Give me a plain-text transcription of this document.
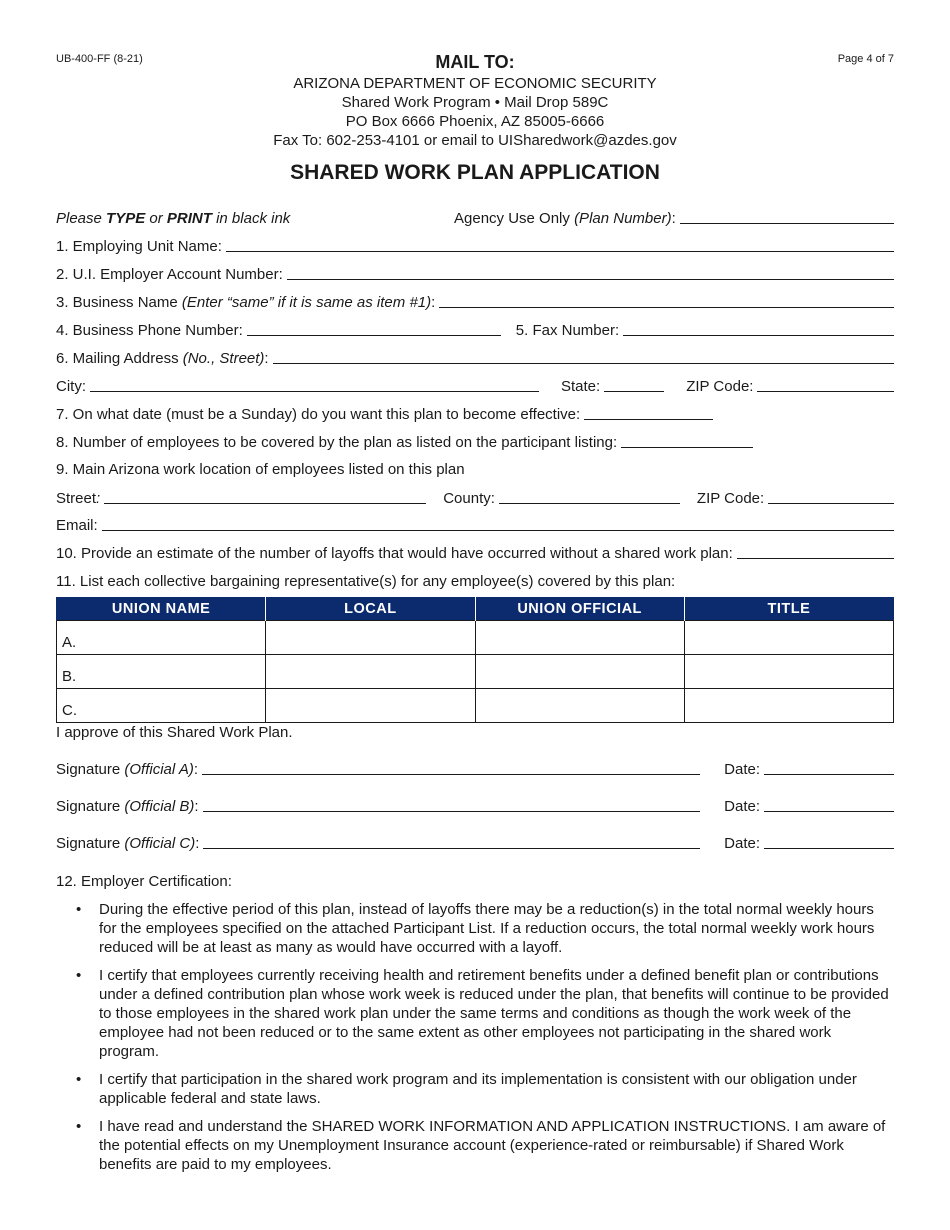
UB-400-FF (8-21)	Page 4 of 7
MAIL TO:
ARIZONA DEPARTMENT OF ECONOMIC SECURITY
Shared Work Program • Mail Drop 589C
PO Box 6666 Phoenix, AZ 85005-6666
Fax To: 602-253-4101 or email to UISharedwork@azdes.gov
SHARED WORK PLAN APPLICATION
Please TYPE or PRINT in black ink	Agency Use Only (Plan Number):
1. Employing Unit Name:
2. U.I. Employer Account Number:
3. Business Name (Enter “same” if it is same as item #1):
4. Business Phone Number:	5. Fax Number:
6. Mailing Address (No., Street):
City:	State:	ZIP Code:
7. On what date (must be a Sunday) do you want this plan to become effective:
8. Number of employees to be covered by the plan as listed on the participant listing:
9. Main Arizona work location of employees listed on this plan
Street:	County:	ZIP Code:
Email:
10. Provide an estimate of the number of layoffs that would have occurred without a shared work plan:
11. List each collective bargaining representative(s) for any employee(s) covered by this plan:
UNION NAME	LOCAL	UNION OFFICIAL	TITLE
A.			
B.			
C.			
I approve of this Shared Work Plan.
Signature (Official A):	Date:
Signature (Official B):	Date:
Signature (Official C):	Date:
12. Employer Certification:
• During the effective period of this plan, instead of layoffs there may be a reduction(s) in the total normal weekly hours for the employees specified on the attached Participant List. If a reduction occurs, the total normal weekly work hours reduced will be at least as many as would have occurred with a layoff.
• I certify that employees currently receiving health and retirement benefits under a defined benefit plan or contributions under a defined contribution plan whose work week is reduced under the plan, that benefits will continue to be provided to those employees in the shared work plan under the same terms and conditions as though the work week of the employee had not been reduced or to the same extent as other employees not participating in the shared work program.
• I certify that participation in the shared work program and its implementation is consistent with our obligation under applicable federal and state laws.
• I have read and understand the SHARED WORK INFORMATION AND APPLICATION INSTRUCTIONS. I am aware of the potential effects on my Unemployment Insurance account (experience-rated or reimbursable) if Shared Work benefits are paid to my employees.
